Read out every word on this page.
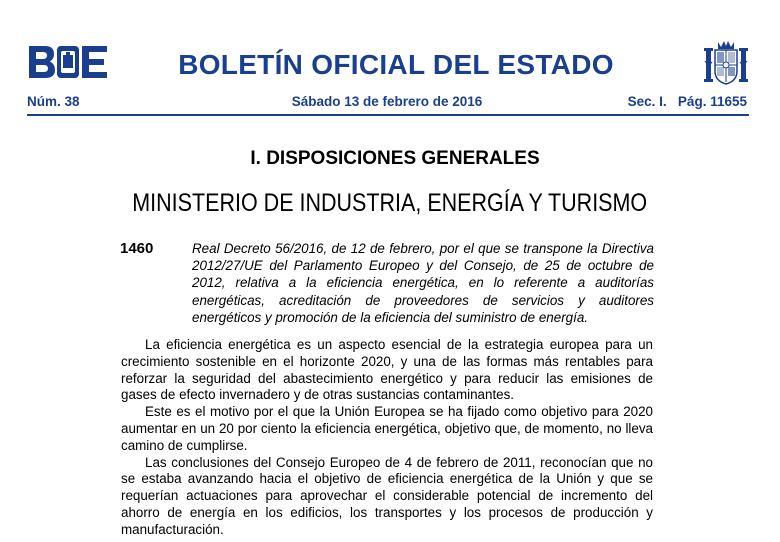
BOLETÍN OFICIAL DEL ESTADO
Núm. 38	Sábado 13 de febrero de 2016	Sec. I.   Pág. 11655
I. DISPOSICIONES GENERALES
MINISTERIO DE INDUSTRIA, ENERGÍA Y TURISMO
1460	Real Decreto 56/2016, de 12 de febrero, por el que se transpone la Directiva 2012/27/UE del Parlamento Europeo y del Consejo, de 25 de octubre de 2012, relativa a la eficiencia energética, en lo referente a auditorías energéticas, acreditación de proveedores de servicios y auditores energéticos y promoción de la eficiencia del suministro de energía.

La eficiencia energética es un aspecto esencial de la estrategia europea para un crecimiento sostenible en el horizonte 2020, y una de las formas más rentables para reforzar la seguridad del abastecimiento energético y para reducir las emisiones de gases de efecto invernadero y de otras sustancias contaminantes.

Este es el motivo por el que la Unión Europea se ha fijado como objetivo para 2020 aumentar en un 20 por ciento la eficiencia energética, objetivo que, de momento, no lleva camino de cumplirse.

Las conclusiones del Consejo Europeo de 4 de febrero de 2011, reconocían que no se estaba avanzando hacia el objetivo de eficiencia energética de la Unión y que se requerían actuaciones para aprovechar el considerable potencial de incremento del ahorro de energía en los edificios, los transportes y los procesos de producción y manufacturación.
